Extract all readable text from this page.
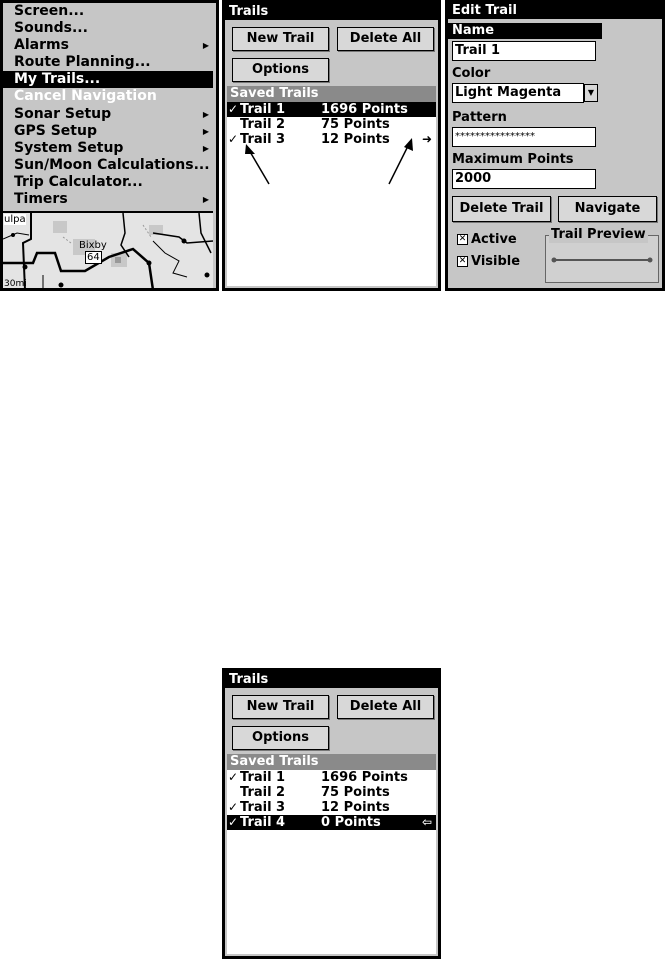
Screen...
Sounds...
Alarms	▶
Route Planning...
My Trails...
Cancel Navigation
Sonar Setup	▶
GPS Setup	▶
System Setup	▶
Sun/Moon Calculations...
Trip Calculator...
Timers	▶
ulpa
Bixby
64
30mi
Trails
New Trail	Delete All
Options
Saved Trails
✓ Trail 1	1696 Points
Trail 2	75 Points
✓ Trail 3	12 Points	➜
Edit Trail
Name
Trail 1
Color
Light Magenta	▼
Pattern
****************
Maximum Points
2000
Delete Trail	Navigate
✕ Active
✕ Visible
Trail Preview
Trails
New Trail	Delete All
Options
Saved Trails
✓ Trail 1	1696 Points
Trail 2	75 Points
✓ Trail 3	12 Points
✓ Trail 4	0 Points	⇦
